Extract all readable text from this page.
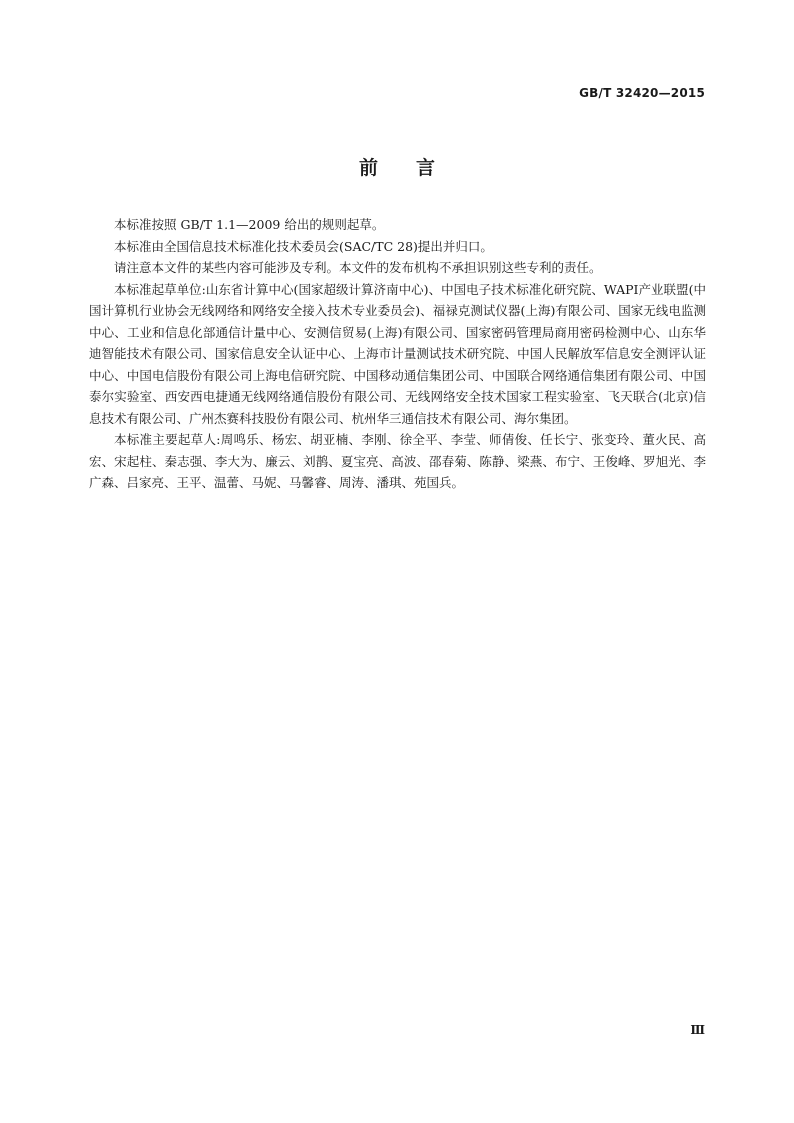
GB/T 32420—2015
前言

本标准按照 GB/T 1.1—2009 给出的规则起草。

本标准由全国信息技术标准化技术委员会(SAC/TC 28)提出并归口。

请注意本文件的某些内容可能涉及专利。本文件的发布机构不承担识别这些专利的责任。

本标准起草单位:山东省计算中心(国家超级计算济南中心)、中国电子技术标准化研究院、WAPI产业联盟(中国计算机行业协会无线网络和网络安全接入技术专业委员会)、福禄克测试仪器(上海)有限公司、国家无线电监测中心、工业和信息化部通信计量中心、安测信贸易(上海)有限公司、国家密码管理局商用密码检测中心、山东华迪智能技术有限公司、国家信息安全认证中心、上海市计量测试技术研究院、中国人民解放军信息安全测评认证中心、中国电信股份有限公司上海电信研究院、中国移动通信集团公司、中国联合网络通信集团有限公司、中国泰尔实验室、西安西电捷通无线网络通信股份有限公司、无线网络安全技术国家工程实验室、飞天联合(北京)信息技术有限公司、广州杰赛科技股份有限公司、杭州华三通信技术有限公司、海尔集团。

本标准主要起草人:周鸣乐、杨宏、胡亚楠、李刚、徐全平、李莹、师倩俊、任长宁、张变玲、董火民、高宏、宋起柱、秦志强、李大为、廉云、刘鹊、夏宝亮、高波、邵春菊、陈静、梁燕、布宁、王俊峰、罗旭光、李广森、吕家亮、王平、温蕾、马妮、马馨睿、周涛、潘琪、苑国兵。

Ⅲ
